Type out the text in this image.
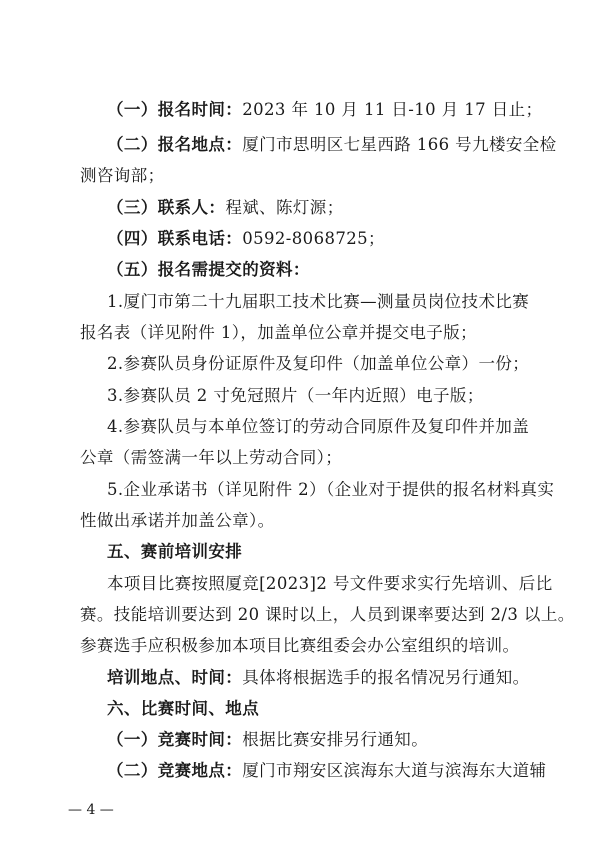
（一）报名时间：2023 年 10 月 11 日-10 月 17 日止；
（二）报名地点：厦门市思明区七星西路 166 号九楼安全检
测咨询部；
（三）联系人：程斌、陈灯源；
（四）联系电话：0592-8068725；
（五）报名需提交的资料：
1.厦门市第二十九届职工技术比赛—测量员岗位技术比赛
报名表（详见附件 1），加盖单位公章并提交电子版；
2.参赛队员身份证原件及复印件（加盖单位公章）一份；
3.参赛队员 2 寸免冠照片（一年内近照）电子版；
4.参赛队员与本单位签订的劳动合同原件及复印件并加盖
公章（需签满一年以上劳动合同）；
5.企业承诺书（详见附件 2）（企业对于提供的报名材料真实
性做出承诺并加盖公章）。
五、赛前培训安排
本项目比赛按照厦竞[2023]2 号文件要求实行先培训、后比
赛。技能培训要达到 20 课时以上，人员到课率要达到 2/3 以上。
参赛选手应积极参加本项目比赛组委会办公室组织的培训。
培训地点、时间：具体将根据选手的报名情况另行通知。
六、比赛时间、地点
（一）竞赛时间：根据比赛安排另行通知。
（二）竞赛地点：厦门市翔安区滨海东大道与滨海东大道辅
— 4 —
